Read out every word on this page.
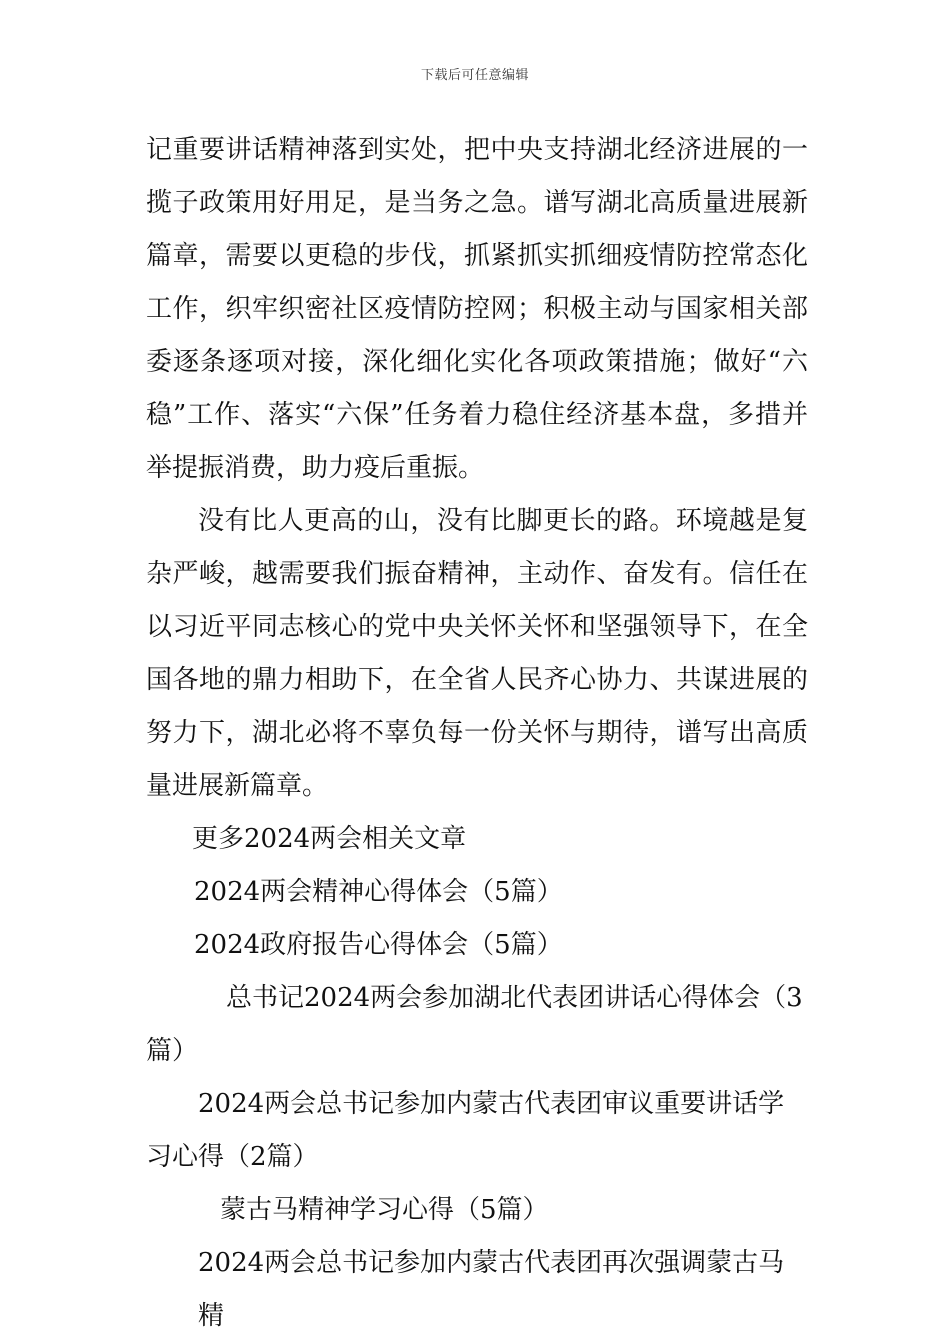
下载后可任意编辑

记重要讲话精神落到实处，把中央支持湖北经济进展的一揽子政策用好用足，是当务之急。谱写湖北高质量进展新篇章，需要以更稳的步伐，抓紧抓实抓细疫情防控常态化工作，织牢织密社区疫情防控网；积极主动与国家相关部委逐条逐项对接，深化细化实化各项政策措施；做好“六稳”工作、落实“六保”任务着力稳住经济基本盘，多措并举提振消费，助力疫后重振。

没有比人更高的山，没有比脚更长的路。环境越是复杂严峻，越需要我们振奋精神，主动作、奋发有。信任在以习近平同志核心的党中央关怀关怀和坚强领导下，在全国各地的鼎力相助下，在全省人民齐心协力、共谋进展的努力下，湖北必将不辜负每一份关怀与期待，谱写出高质量进展新篇章。

更多2024两会相关文章

2024两会精神心得体会（5篇）

2024政府报告心得体会（5篇）

总书记2024两会参加湖北代表团讲话心得体会（3篇）

2024两会总书记参加内蒙古代表团审议重要讲话学习心得（2篇）

蒙古马精神学习心得（5篇）

2024两会总书记参加内蒙古代表团再次强调蒙古马精
